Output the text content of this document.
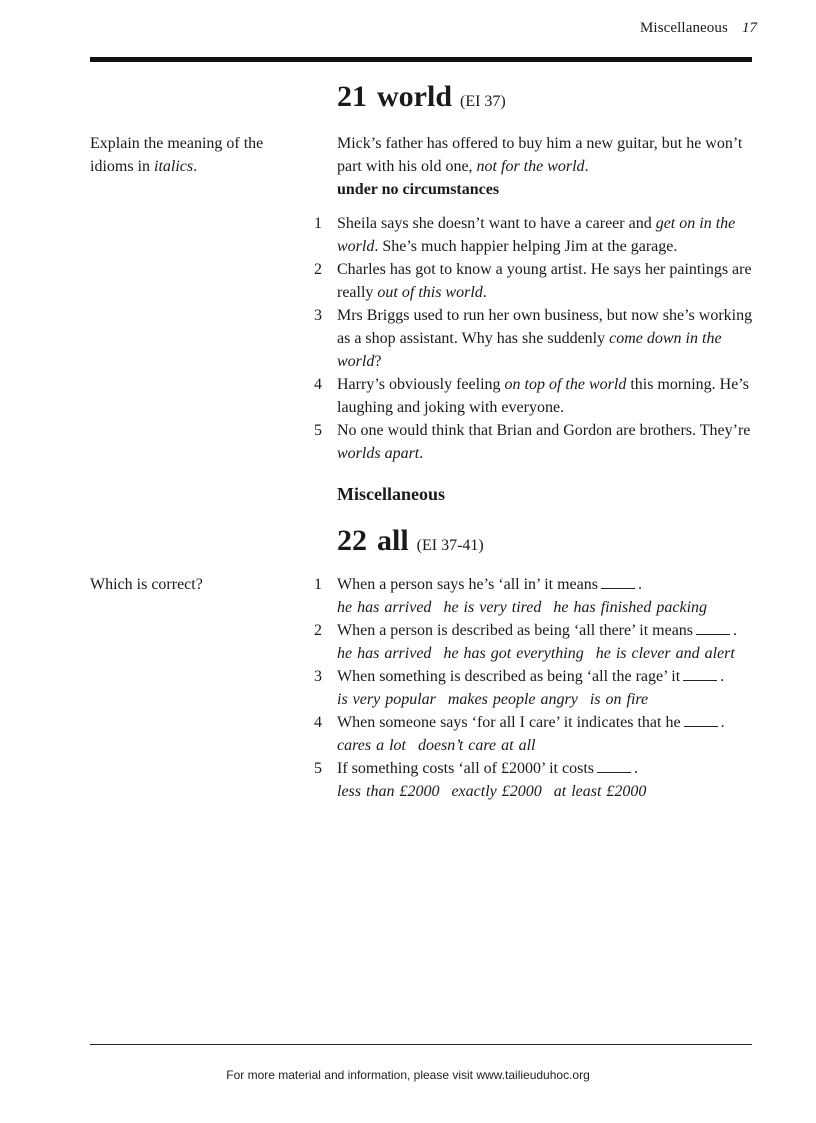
Miscellaneous 17
21 world (EI 37)
Explain the meaning of the idioms in italics.
Mick’s father has offered to buy him a new guitar, but he won’t part with his old one, not for the world.
under no circumstances
1 Sheila says she doesn’t want to have a career and get on in the world. She’s much happier helping Jim at the garage.
2 Charles has got to know a young artist. He says her paintings are really out of this world.
3 Mrs Briggs used to run her own business, but now she’s working as a shop assistant. Why has she suddenly come down in the world?
4 Harry’s obviously feeling on top of the world this morning. He’s laughing and joking with everyone.
5 No one would think that Brian and Gordon are brothers. They’re worlds apart.
Miscellaneous
22 all (EI 37-41)
Which is correct?	1 When a person says he’s ‘all in’ it means	.
he has arrived he is very tired he has finished packing
2 When a person is described as being ‘all there’ it means	.
he has arrived he has got everything he is clever and alert
3 When something is described as being ‘all the rage’ it	.
is very popular makes people angry is on fire
4 When someone says ‘for all I care’ it indicates that he	.
cares a lot doesn’t care at all
5 If something costs ‘all of £2000’ it costs	.
less than £2000 exactly £2000 at least £2000
For more material and information, please visit www.tailieuduhoc.org
